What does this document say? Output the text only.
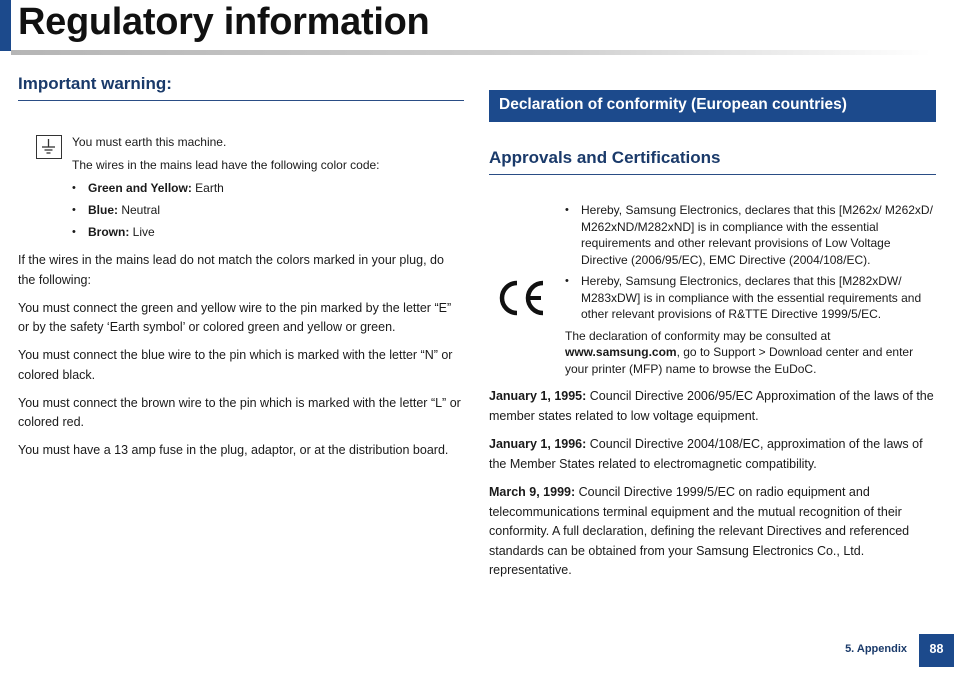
Regulatory information
Important warning:

You must earth this machine.

The wires in the mains lead have the following color code:

• Green and Yellow: Earth
• Blue: Neutral
• Brown: Live

If the wires in the mains lead do not match the colors marked in your plug, do the following:

You must connect the green and yellow wire to the pin marked by the letter “E” or by the safety ‘Earth symbol’ or colored green and yellow or green.

You must connect the blue wire to the pin which is marked with the letter “N” or colored black.

You must connect the brown wire to the pin which is marked with the letter “L” or colored red.

You must have a 13 amp fuse in the plug, adaptor, or at the distribution board.

Declaration of conformity (European countries)
Approvals and Certifications
• Hereby, Samsung Electronics, declares that this [M262x/ M262xD/ M262xND/M282xND] is in compliance with the essential requirements and other relevant provisions of Low Voltage Directive (2006/95/EC), EMC Directive (2004/108/EC).
• Hereby, Samsung Electronics, declares that this [M282xDW/ M283xDW] is in compliance with the essential requirements and other relevant provisions of R&TTE Directive 1999/5/EC.

The declaration of conformity may be consulted at www.samsung.com, go to Support > Download center and enter your printer (MFP) name to browse the EuDoC.

January 1, 1995: Council Directive 2006/95/EC Approximation of the laws of the member states related to low voltage equipment.

January 1, 1996: Council Directive 2004/108/EC, approximation of the laws of the Member States related to electromagnetic compatibility.

March 9, 1999: Council Directive 1999/5/EC on radio equipment and telecommunications terminal equipment and the mutual recognition of their conformity. A full declaration, defining the relevant Directives and referenced standards can be obtained from your Samsung Electronics Co., Ltd. representative.

5. Appendix	88
